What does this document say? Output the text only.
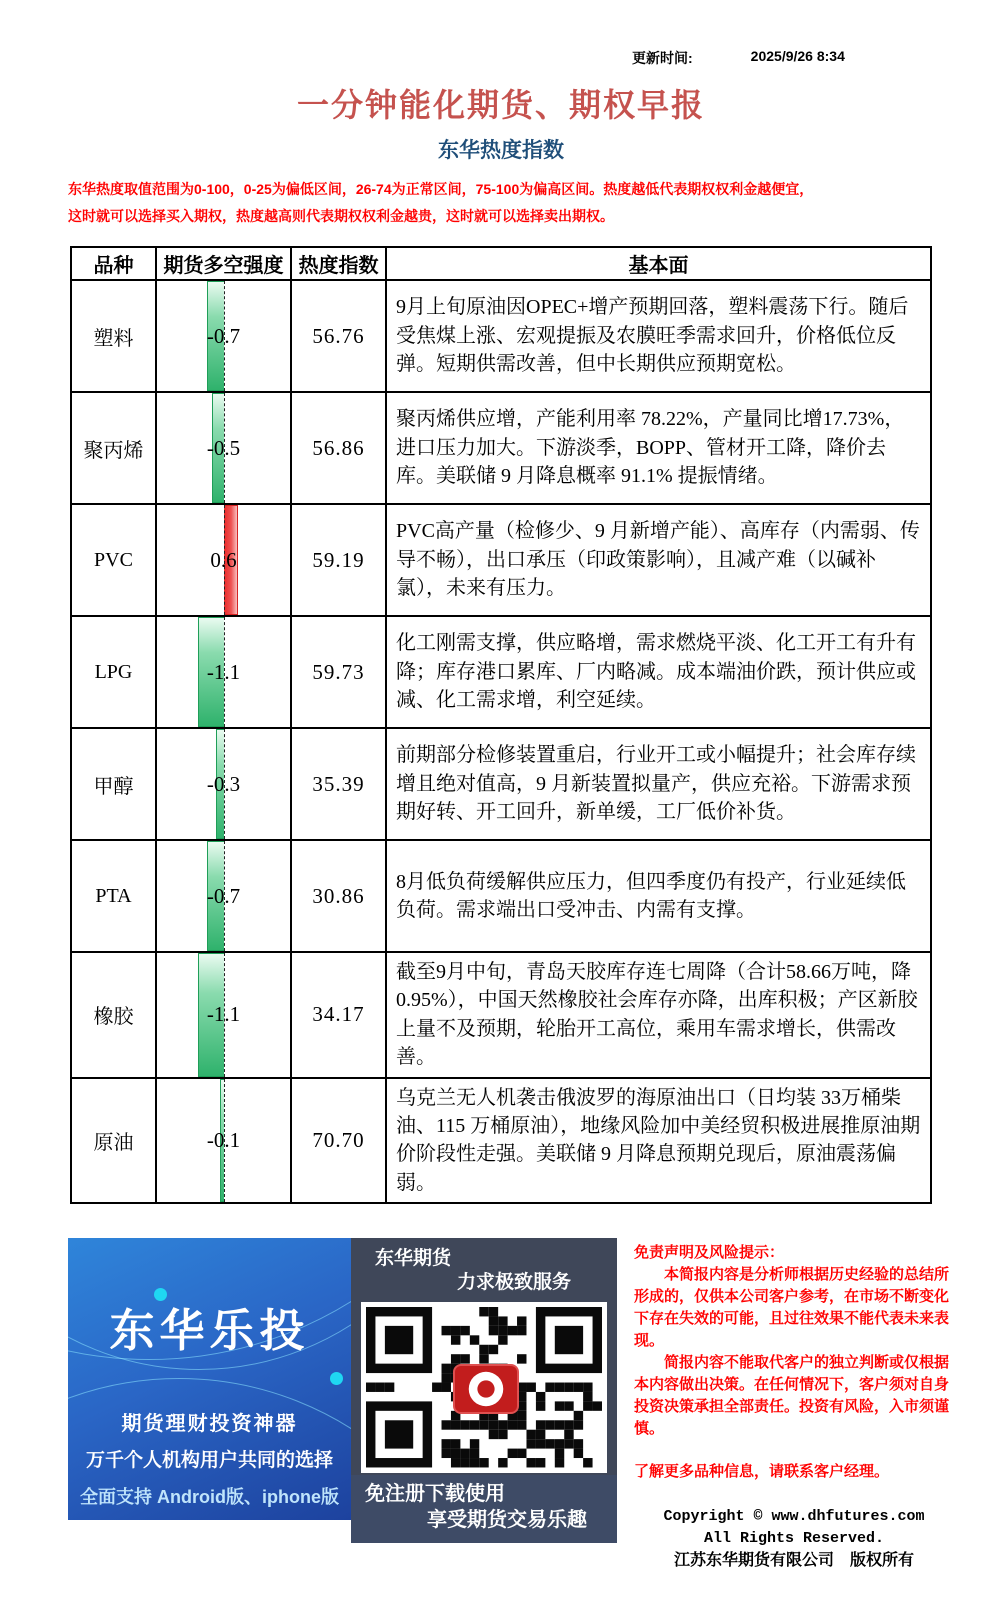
更新时间:	2025/9/26 8:34
一分钟能化期货、期权早报
东华热度指数
东华热度取值范围为0-100，0-25为偏低区间，26-74为正常区间，75-100为偏高区间。热度越低代表期权权利金越便宜，
这时就可以选择买入期权，热度越高则代表期权权利金越贵，这时就可以选择卖出期权。
品种	期货多空强度	热度指数	基本面
塑料	-0.7	56.76	9月上旬原油因OPEC+增产预期回落，塑料震荡下行。随后受焦煤上涨、宏观提振及农膜旺季需求回升，价格低位反弹。短期供需改善，但中长期供应预期宽松。
聚丙烯	-0.5	56.86	聚丙烯供应增，产能利用率 78.22%，产量同比增17.73%，进口压力加大。下游淡季，BOPP、管材开工降，降价去库。美联储 9 月降息概率 91.1% 提振情绪。
PVC	0.6	59.19	PVC高产量（检修少、9 月新增产能）、高库存（内需弱、传导不畅），出口承压（印政策影响），且减产难（以碱补氯），未来有压力。
LPG	-1.1	59.73	化工刚需支撑，供应略增，需求燃烧平淡、化工开工有升有降；库存港口累库、厂内略减。成本端油价跌，预计供应或减、化工需求增，利空延续。
甲醇	-0.3	35.39	前期部分检修装置重启，行业开工或小幅提升；社会库存续增且绝对值高，9 月新装置拟量产，供应充裕。下游需求预期好转、开工回升，新单缓，工厂低价补货。
PTA	-0.7	30.86	8月低负荷缓解供应压力，但四季度仍有投产，行业延续低负荷。需求端出口受冲击、内需有支撑。
橡胶	-1.1	34.17	截至9月中旬，青岛天胶库存连七周降（合计58.66万吨，降0.95%），中国天然橡胶社会库存亦降，出库积极；产区新胶上量不及预期，轮胎开工高位，乘用车需求增长，供需改善。
原油	-0.1	70.70	乌克兰无人机袭击俄波罗的海原油出口（日均装 33万桶柴油、115 万桶原油），地缘风险加中美经贸积极进展推原油期价阶段性走强。美联储 9 月降息预期兑现后，原油震荡偏弱。
东华乐投
期货理财投资神器
万千个人机构用户共同的选择
全面支持 Android版、iphone版
东华期货
力求极致服务
免注册下载使用
享受期货交易乐趣

免责声明及风险提示：

本简报内容是分析师根据历史经验的总结所形成的，仅供本公司客户参考，在市场不断变化下存在失效的可能，且过往效果不能代表未来表现。

简报内容不能取代客户的独立判断或仅根据本内容做出决策。在任何情况下，客户须对自身投资决策承担全部责任。投资有风险，入市须谨慎。

了解更多品种信息，请联系客户经理。

Copyright © www.dhfutures.com
All Rights Reserved.
江苏东华期货有限公司　版权所有
